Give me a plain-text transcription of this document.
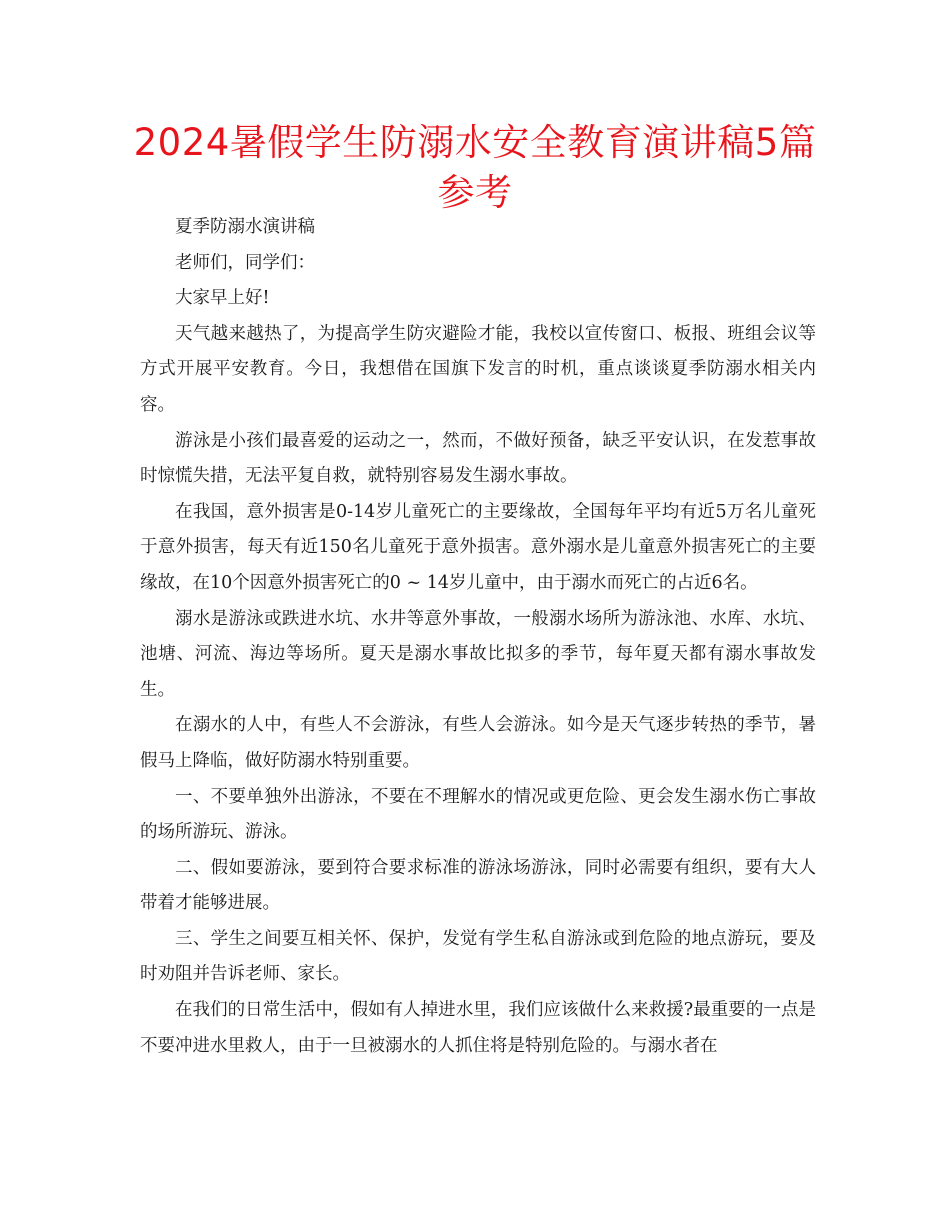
2024暑假学生防溺水安全教育演讲稿5篇
参考

夏季防溺水演讲稿

老师们，同学们：

大家早上好!

天气越来越热了，为提高学生防灾避险才能，我校以宣传窗口、板报、班组会议等方式开展平安教育。今日，我想借在国旗下发言的时机，重点谈谈夏季防溺水相关内容。

游泳是小孩们最喜爱的运动之一，然而，不做好预备，缺乏平安认识，在发惹事故时惊慌失措，无法平复自救，就特别容易发生溺水事故。

在我国，意外损害是0-14岁儿童死亡的主要缘故，全国每年平均有近5万名儿童死于意外损害，每天有近150名儿童死于意外损害。意外溺水是儿童意外损害死亡的主要缘故，在10个因意外损害死亡的0 ~ 14岁儿童中，由于溺水而死亡的占近6名。

溺水是游泳或跌进水坑、水井等意外事故，一般溺水场所为游泳池、水库、水坑、池塘、河流、海边等场所。夏天是溺水事故比拟多的季节，每年夏天都有溺水事故发生。

在溺水的人中，有些人不会游泳，有些人会游泳。如今是天气逐步转热的季节，暑假马上降临，做好防溺水特别重要。

一、不要单独外出游泳，不要在不理解水的情况或更危险、更会发生溺水伤亡事故的场所游玩、游泳。

二、假如要游泳，要到符合要求标准的游泳场游泳，同时必需要有组织，要有大人带着才能够进展。

三、学生之间要互相关怀、保护，发觉有学生私自游泳或到危险的地点游玩，要及时劝阻并告诉老师、家长。

在我们的日常生活中，假如有人掉进水里，我们应该做什么来救援?最重要的一点是不要冲进水里救人，由于一旦被溺水的人抓住将是特别危险的。与溺水者在
